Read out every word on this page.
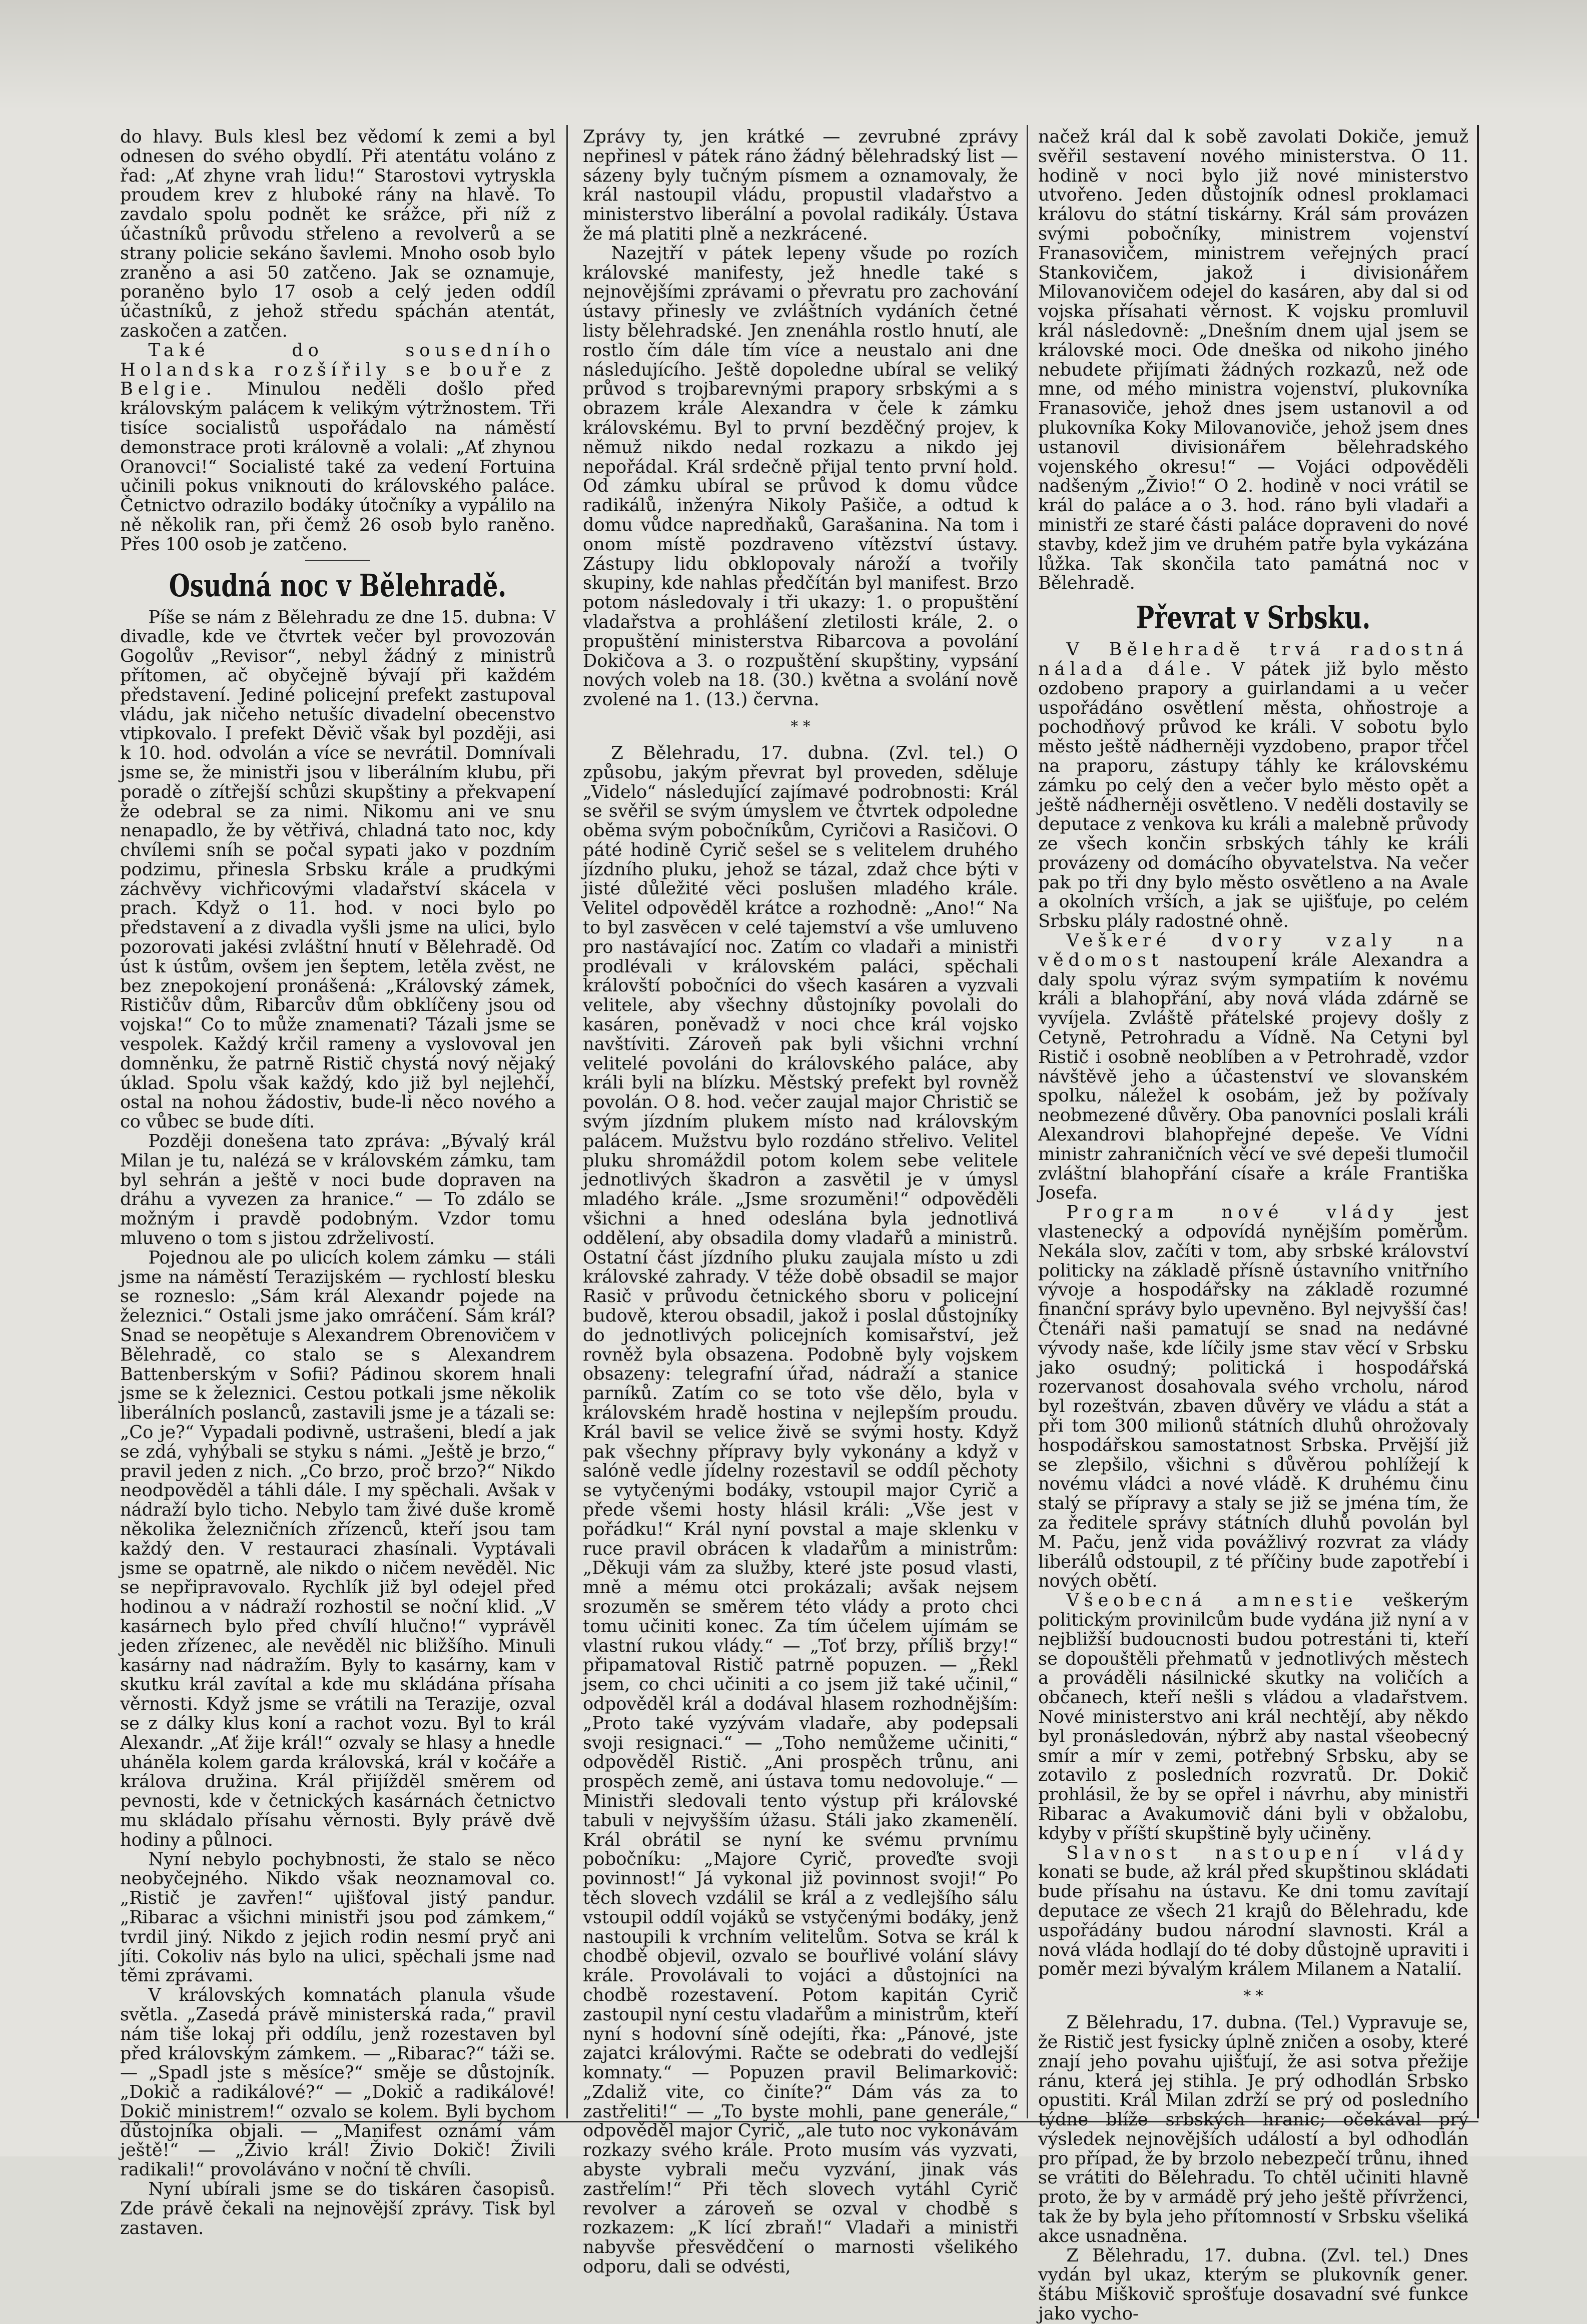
do hlavy. Buls klesl bez vědomí k zemi a byl odnesen do svého obydlí. Při atentátu voláno z řad: „Ať zhyne vrah lidu!“ Starostovi vytryskla proudem krev z hluboké rány na hlavě. To zavdalo spolu podnět ke srážce, při níž z účastníků průvodu střeleno a revolverů a se strany policie sekáno šavlemi. Mnoho osob bylo zraněno a asi 50 zatčeno. Jak se oznamuje, poraněno bylo 17 osob a celý jeden oddíl účastníků, z jehož středu spáchán atentát, zaskočen a zatčen.

Také do sousedního Holandska rozšířily se bouře z Belgie. Minulou neděli došlo před královským palácem k velikým výtržnostem. Tři tisíce socialistů uspořádalo na náměstí demonstrace proti královně a volali: „Ať zhynou Oranovci!“ Socialisté také za vedení Fortuina učinili pokus vniknouti do královského paláce. Četnictvo odrazilo bodáky útočníky a vypálilo na ně několik ran, při čemž 26 osob bylo raněno. Přes 100 osob je zatčeno.

Osudná noc v Bělehradě.

Píše se nám z Bělehradu ze dne 15. dubna: V divadle, kde ve čtvrtek večer byl provozován Gogolův „Revisor“, nebyl žádný z ministrů přítomen, ač obyčejně bývají při každém představení. Jediné policejní prefekt zastupoval vládu, jak ničeho netušíc divadelní obecenstvo vtipkovalo. I prefekt Děvič však byl později, asi k 10. hod. odvolán a více se nevrátil. Domnívali jsme se, že ministři jsou v liberálním klubu, při poradě o zítřejší schůzi skupštiny a překvapení že odebral se za nimi. Nikomu ani ve snu nenapadlo, že by větřivá, chladná tato noc, kdy chvílemi sníh se počal sypati jako v pozdním podzimu, přinesla Srbsku krále a prudkými záchvěvy vichřicovými vladařství skácela v prach. Když o 11. hod. v noci bylo po představení a z divadla vyšli jsme na ulici, bylo pozorovati jakési zvláštní hnutí v Bělehradě. Od úst k ústům, ovšem jen šeptem, letěla zvěst, ne bez znepokojení pronášená: „Královský zámek, Rističův dům, Ribarcův dům obklíčeny jsou od vojska!“ Co to může znamenati? Tázali jsme se vespolek. Každý krčil rameny a vyslovoval jen domněnku, že patrně Ristič chystá nový nějaký úklad. Spolu však každý, kdo již byl nejlehčí, ostal na nohou žádostiv, bude-li něco nového a co vůbec se bude díti.

Později donešena tato zpráva: „Bývalý král Milan je tu, nalézá se v královském zámku, tam byl sehrán a ještě v noci bude dopraven na dráhu a vyvezen za hranice.“ — To zdálo se možným i pravdě podobným. Vzdor tomu mluveno o tom s jistou zdrželivostí.

Pojednou ale po ulicích kolem zámku — stáli jsme na náměstí Terazijském — rychlostí blesku se rozneslo: „Sám král Alexandr pojede na železnici.“ Ostali jsme jako omráčení. Sám král? Snad se neopětuje s Alexandrem Obrenovičem v Bělehradě, co stalo se s Alexandrem Battenberským v Sofii? Pádinou skorem hnali jsme se k železnici. Cestou potkali jsme několik liberálních poslanců, zastavili jsme je a tázali se: „Co je?“ Vypadali podivně, ustrašeni, bledí a jak se zdá, vyhýbali se styku s námi. „Ještě je brzo,“ pravil jeden z nich. „Co brzo, proč brzo?“ Nikdo neodpověděl a táhli dále. I my spěchali. Avšak v nádraží bylo ticho. Nebylo tam živé duše kromě několika železničních zřízenců, kteří jsou tam každý den. V restauraci zhasínali. Vyptávali jsme se opatrně, ale nikdo o ničem nevěděl. Nic se nepřipravovalo. Rychlík již byl odejel před hodinou a v nádraží rozhostil se noční klid. „V kasárnech bylo před chvílí hlučno!“ vyprávěl jeden zřízenec, ale nevěděl nic bližšího. Minuli kasárny nad nádražím. Byly to kasárny, kam v skutku král zavítal a kde mu skládána přísaha věrnosti. Když jsme se vrátili na Terazije, ozval se z dálky klus koní a rachot vozu. Byl to král Alexandr. „Ať žije král!“ ozvaly se hlasy a hnedle uháněla kolem garda královská, král v kočáře a králova družina. Král přijížděl směrem od pevnosti, kde v četnických kasárnách četnictvo mu skládalo přísahu věrnosti. Byly právě dvě hodiny a půlnoci.

Nyní nebylo pochybnosti, že stalo se něco neobyčejného. Nikdo však neoznamoval co. „Ristič je zavřen!“ ujišťoval jistý pandur. „Ribarac a všichni ministři jsou pod zámkem,“ tvrdil jiný. Nikdo z jejich rodin nesmí pryč ani jíti. Cokoliv nás bylo na ulici, spěchali jsme nad těmi zprávami.

V královských komnatách planula všude světla. „Zasedá právě ministerská rada,“ pravil nám tiše lokaj při oddílu, jenž rozestaven byl před královským zámkem. — „Ribarac?“ táži se. — „Spadl jste s měsíce?“ směje se důstojník. „Dokič a radikálové?“ — „Dokič a radikálové! Dokič ministrem!“ ozvalo se kolem. Byli bychom důstojníka objali. — „Manifest oznámí vám ještě!“ — „Živio král! Živio Dokič! Živili radikali!“ provoláváno v noční tě chvíli.

Nyní ubírali jsme se do tiskáren časopisů. Zde právě čekali na nejnovější zprávy. Tisk byl zastaven.

Zprávy ty, jen krátké — zevrubné zprávy nepřinesl v pátek ráno žádný bělehradský list — sázeny byly tučným písmem a oznamovaly, že král nastoupil vládu, propustil vladařstvo a ministerstvo liberální a povolal radikály. Ústava že má platiti plně a nezkrácené.

Nazejtří v pátek lepeny všude po rozích královské manifesty, jež hnedle také s nejnovějšími zprávami o převratu pro zachování ústavy přinesly ve zvláštních vydáních četné listy bělehradské. Jen znenáhla rostlo hnutí, ale rostlo čím dále tím více a neustalo ani dne následujícího. Ještě dopoledne ubíral se veliký průvod s trojbarevnými prapory srbskými a s obrazem krále Alexandra v čele k zámku královskému. Byl to první bezděčný projev, k němuž nikdo nedal rozkazu a nikdo jej nepořádal. Král srdečně přijal tento první hold. Od zámku ubíral se průvod k domu vůdce radikálů, inženýra Nikoly Pašiče, a odtud k domu vůdce napredňaků, Garašanina. Na tom i onom místě pozdraveno vítězství ústavy. Zástupy lidu obklopovaly nároží a tvořily skupiny, kde nahlas předčítán byl manifest. Brzo potom následovaly i tři ukazy: 1. o propuštění vladařstva a prohlášení zletilosti krále, 2. o propuštění ministerstva Ribarcova a povolání Dokičova a 3. o rozpuštění skupštiny, vypsání nových voleb na 18. (30.) května a svolání nově zvolené na 1. (13.) června.

* *

Z Bělehradu, 17. dubna. (Zvl. tel.) O způsobu, jakým převrat byl proveden, sděluje „Videlo“ následující zajímavé podrobnosti: Král se svěřil se svým úmyslem ve čtvrtek odpoledne oběma svým pobočníkům, Cyričovi a Rasičovi. O páté hodině Cyrič sešel se s velitelem druhého jízdního pluku, jehož se tázal, zdaž chce býti v jisté důležité věci poslušen mladého krále. Velitel odpověděl krátce a rozhodně: „Ano!“ Na to byl zasvěcen v celé tajemství a vše umluveno pro nastávající noc. Zatím co vladaři a ministři prodlévali v královském paláci, spěchali královští pobočníci do všech kasáren a vyzvali velitele, aby všechny důstojníky povolali do kasáren, poněvadž v noci chce král vojsko navštíviti. Zároveň pak byli všichni vrchní velitelé povoláni do královského paláce, aby králi byli na blízku. Městský prefekt byl rovněž povolán. O 8. hod. večer zaujal major Christič se svým jízdním plukem místo nad královským palácem. Mužstvu bylo rozdáno střelivo. Velitel pluku shromáždil potom kolem sebe velitele jednotlivých škadron a zasvětil je v úmysl mladého krále. „Jsme srozuměni!“ odpověděli všichni a hned odeslána byla jednotlivá oddělení, aby obsadila domy vladařů a ministrů. Ostatní část jízdního pluku zaujala místo u zdi královské zahrady. V téže době obsadil se major Rasič v průvodu četnického sboru v policejní budově, kterou obsadil, jakož i poslal důstojníky do jednotlivých policejních komisařství, jež rovněž byla obsazena. Podobně byly vojskem obsazeny: telegrafní úřad, nádraží a stanice parníků. Zatím co se toto vše dělo, byla v královském hradě hostina v nejlepším proudu. Král bavil se velice živě se svými hosty. Když pak všechny přípravy byly vykonány a když v salóně vedle jídelny rozestavil se oddíl pěchoty se vytyčenými bodáky, vstoupil major Cyrič a přede všemi hosty hlásil králi: „Vše jest v pořádku!“ Král nyní povstal a maje sklenku v ruce pravil obrácen k vladařům a ministrům: „Děkuji vám za služby, které jste posud vlasti, mně a mému otci prokázali; avšak nejsem srozuměn se směrem této vlády a proto chci tomu učiniti konec. Za tím účelem ujímám se vlastní rukou vlády.“ — „Toť brzy, příliš brzy!“ připamatoval Ristič patrně popuzen. — „Řekl jsem, co chci učiniti a co jsem již také učinil,“ odpověděl král a dodával hlasem rozhodnějším: „Proto také vyzývám vladaře, aby podepsali svoji resignaci.“ — „Toho nemůžeme učiniti,“ odpověděl Ristič. „Ani prospěch trůnu, ani prospěch země, ani ústava tomu nedovoluje.“ — Ministři sledovali tento výstup při královské tabuli v nejvyšším úžasu. Stáli jako zkamenělí. Král obrátil se nyní ke svému prvnímu pobočníku: „Majore Cyrič, proveďte svoji povinnost!“ Já vykonal již povinnost svoji!“ Po těch slovech vzdálil se král a z vedlejšího sálu vstoupil oddíl vojáků se vstyčenými bodáky, jenž nastoupili k vrchním velitelům. Sotva se král k chodbě objevil, ozvalo se bouřlivé volání slávy krále. Provolávali to vojáci a důstojníci na chodbě rozestavení. Potom kapitán Cyrič zastoupil nyní cestu vladařům a ministrům, kteří nyní s hodovní síně odejíti, řka: „Pánové, jste zajatci královými. Račte se odebrati do vedlejší komnaty.“ — Popuzen pravil Belimarkovič: „Zdaliž vite, co činíte?“ Dám vás za to zastřeliti!“ — „To byste mohli, pane generále,“ odpověděl major Cyrič, „ale tuto noc vykonávám rozkazy svého krále. Proto musím vás vyzvati, abyste vybrali meču vyzvání, jinak vás zastřelím!“ Při těch slovech vytáhl Cyrič revolver a zároveň se ozval v chodbě s rozkazem: „K lící zbraň!“ Vladaři a ministři nabyvše přesvědčení o marnosti všelikého odporu, dali se odvésti,

načež král dal k sobě zavolati Dokiče, jemuž svěřil sestavení nového ministerstva. O 11. hodině v noci bylo již nové ministerstvo utvořeno. Jeden důstojník odnesl proklamaci královu do státní tiskárny. Král sám provázen svými pobočníky, ministrem vojenství Franasovičem, ministrem veřejných prací Stankovičem, jakož i divisionářem Milovanovičem odejel do kasáren, aby dal si od vojska přísahati věrnost. K vojsku promluvil král následovně: „Dnešním dnem ujal jsem se královské moci. Ode dneška od nikoho jiného nebudete přijímati žádných rozkazů, než ode mne, od mého ministra vojenství, plukovníka Franasoviče, jehož dnes jsem ustanovil a od plukovníka Koky Milovanoviče, jehož jsem dnes ustanovil divisionářem bělehradského vojenského okresu!“ — Vojáci odpověděli nadšeným „Živio!“ O 2. hodině v noci vrátil se král do paláce a o 3. hod. ráno byli vladaři a ministři ze staré části paláce dopraveni do nové stavby, kdež jim ve druhém patře byla vykázána lůžka. Tak skončila tato památná noc v Bělehradě.

Převrat v Srbsku.

V Bělehradě trvá radostná nálada dále. V pátek již bylo město ozdobeno prapory a guirlandami a u večer uspořádáno osvětlení města, ohňostroje a pochodňový průvod ke králi. V sobotu bylo město ještě nádherněji vyzdobeno, prapor třčel na praporu, zástupy táhly ke královskému zámku po celý den a večer bylo město opět a ještě nádherněji osvětleno. V neděli dostavily se deputace z venkova ku králi a malebně průvody ze všech končin srbských táhly ke králi provázeny od domácího obyvatelstva. Na večer pak po tři dny bylo město osvětleno a na Avale a okolních vrších, a jak se ujišťuje, po celém Srbsku plály radostné ohně.

Veškeré dvory vzaly na vědomost nastoupení krále Alexandra a daly spolu výraz svým sympatiím k novému králi a blahopřání, aby nová vláda zdárně se vyvíjela. Zvláště přátelské projevy došly z Cetyně, Petrohradu a Vídně. Na Cetyni byl Ristič i osobně neoblíben a v Petrohradě, vzdor návštěvě jeho a účastenství ve slovanském spolku, náležel k osobám, jež by požívaly neobmezené důvěry. Oba panovníci poslali králi Alexandrovi blahopřejné depeše. Ve Vídni ministr zahraničních věcí ve své depeši tlumočil zvláštní blahopřání císaře a krále Františka Josefa.

Program nové vlády jest vlastenecký a odpovídá nynějším poměrům. Nekála slov, začíti v tom, aby srbské království politicky na základě přísně ústavního vnitřního vývoje a hospodářsky na základě rozumné finanční správy bylo upevněno. Byl nejvyšší čas! Čtenáři naši pamatují se snad na nedávné vývody naše, kde líčily jsme stav věcí v Srbsku jako osudný; politická i hospodářská rozervanost dosahovala svého vrcholu, národ byl rozeštván, zbaven důvěry ve vládu a stát a při tom 300 milionů státních dluhů ohrožovaly hospodářskou samostatnost Srbska. Prvější již se zlepšilo, všichni s důvěrou pohlížejí k novému vládci a nové vládě. K druhému činu stalý se přípravy a staly se již se jména tím, že za ředitele správy státních dluhů povolán byl M. Paču, jenž vida povážlivý rozvrat za vlády liberálů odstoupil, z té příčiny bude zapotřebí i nových obětí.

Všeobecná amnestie veškerým politickým provinilcům bude vydána již nyní a v nejbližší budoucnosti budou potrestáni ti, kteří se dopouštěli přehmatů v jednotlivých městech a prováděli násilnické skutky na voličích a občanech, kteří nešli s vládou a vladařstvem. Nové ministerstvo ani král nechtějí, aby někdo byl pronásledován, nýbrž aby nastal všeobecný smír a mír v zemi, potřebný Srbsku, aby se zotavilo z posledních rozvratů. Dr. Dokič prohlásil, že by se opřel i návrhu, aby ministři Ribarac a Avakumovič dáni byli v obžalobu, kdyby v příští skupštině byly učiněny.

Slavnost nastoupení vlády konati se bude, až král před skupštinou skládati bude přísahu na ústavu. Ke dni tomu zavítají deputace ze všech 21 krajů do Bělehradu, kde uspořádány budou národní slavnosti. Král a nová vláda hodlají do té doby důstojně upraviti i poměr mezi bývalým králem Milanem a Natalií.

* *

Z Bělehradu, 17. dubna. (Tel.) Vypravuje se, že Ristič jest fysicky úplně zničen a osoby, které znají jeho povahu ujišťují, že asi sotva přežije ránu, která jej stihla. Je prý odhodlán Srbsko opustiti. Král Milan zdrží se prý od posledního týdne blíže srbských hranic; očekával prý výsledek nejnovějších událostí a byl odhodlán pro případ, že by brzolo nebezpečí trůnu, ihned se vrátiti do Bělehradu. To chtěl učiniti hlavně proto, že by v armádě prý jeho ještě přívrženci, tak že by byla jeho přítomností v Srbsku všeliká akce usnadněna.

Z Bělehradu, 17. dubna. (Zvl. tel.) Dnes vydán byl ukaz, kterým se plukovník gener. štábu Miškovič sprošťuje dosavadní své funkce jako vycho-
